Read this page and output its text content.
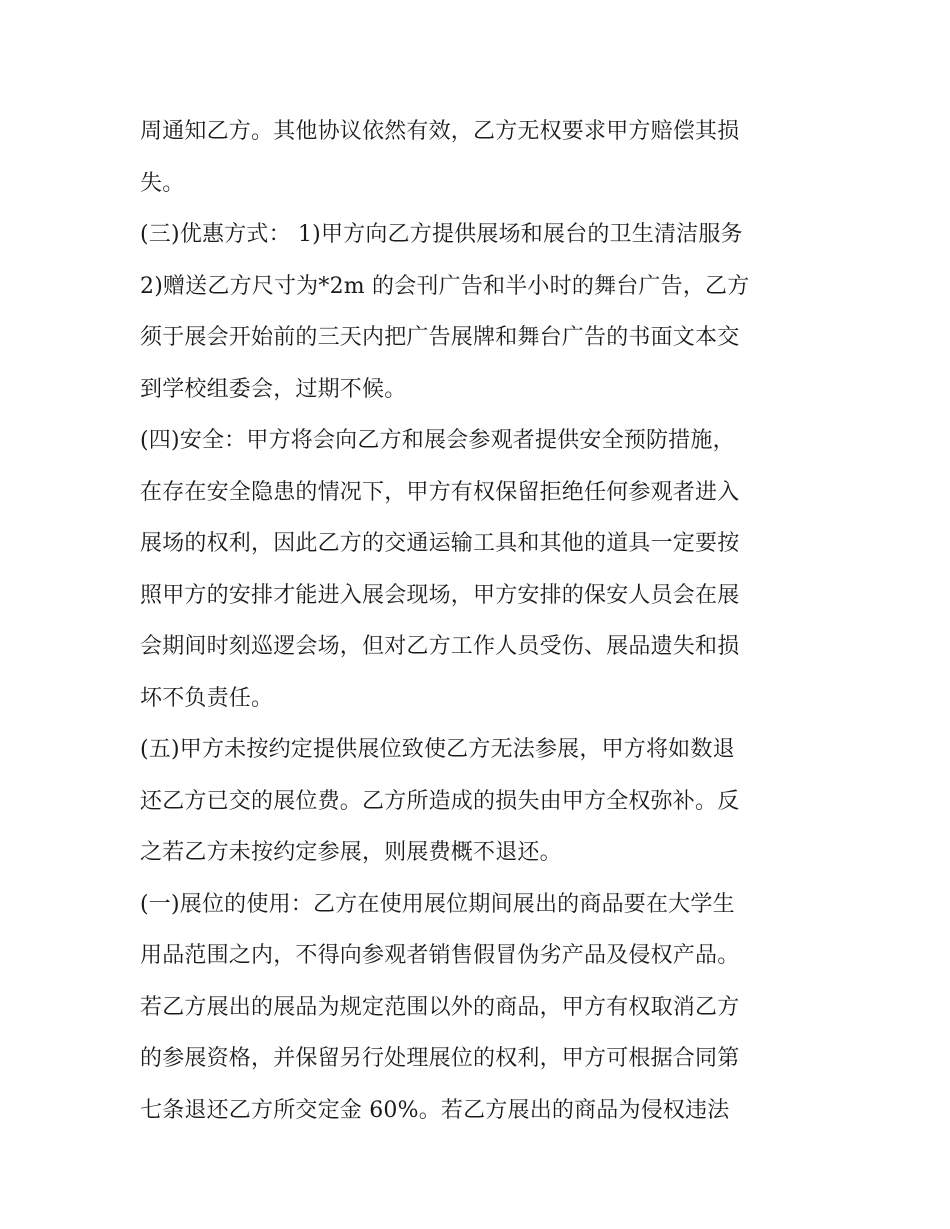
周通知乙方。其他协议依然有效，乙方无权要求甲方赔偿其损
失。
(三)优惠方式： 1)甲方向乙方提供展场和展台的卫生清洁服务
2)赠送乙方尺寸为*2m 的会刊广告和半小时的舞台广告，乙方
须于展会开始前的三天内把广告展牌和舞台广告的书面文本交
到学校组委会，过期不候。
(四)安全：甲方将会向乙方和展会参观者提供安全预防措施，
在存在安全隐患的情况下，甲方有权保留拒绝任何参观者进入
展场的权利，因此乙方的交通运输工具和其他的道具一定要按
照甲方的安排才能进入展会现场，甲方安排的保安人员会在展
会期间时刻巡逻会场，但对乙方工作人员受伤、展品遗失和损
坏不负责任。
(五)甲方未按约定提供展位致使乙方无法参展，甲方将如数退
还乙方已交的展位费。乙方所造成的损失由甲方全权弥补。反
之若乙方未按约定参展，则展费概不退还。
(一)展位的使用：乙方在使用展位期间展出的商品要在大学生
用品范围之内，不得向参观者销售假冒伪劣产品及侵权产品。
若乙方展出的展品为规定范围以外的商品，甲方有权取消乙方
的参展资格，并保留另行处理展位的权利，甲方可根据合同第
七条退还乙方所交定金 60%。若乙方展出的商品为侵权违法
